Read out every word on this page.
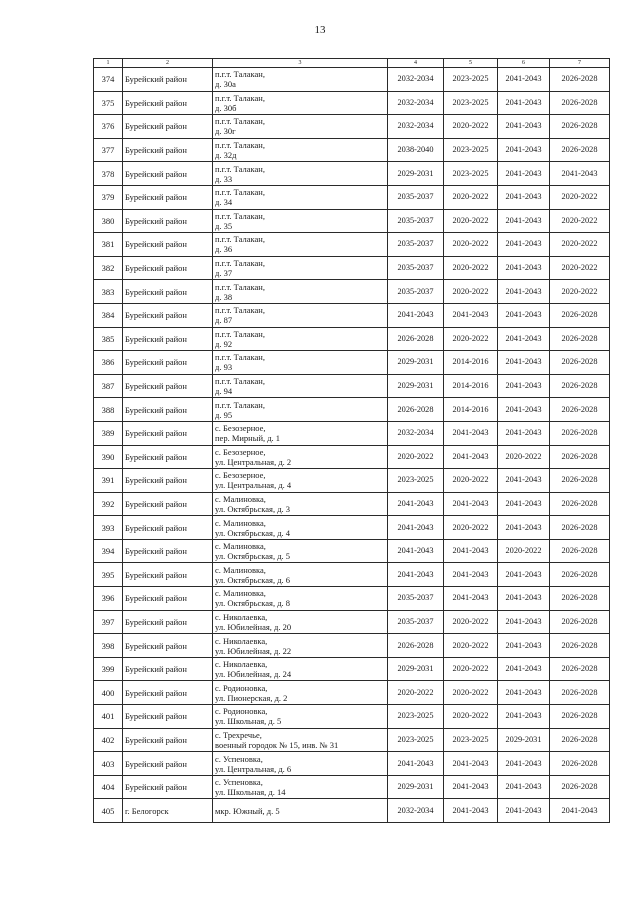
13
1	2	3	4	5	6	7
374	Бурейский район	п.г.т. Талакан,
д. 30а	2032-2034	2023-2025	2041-2043	2026-2028
375	Бурейский район	п.г.т. Талакан,
д. 30б	2032-2034	2023-2025	2041-2043	2026-2028
376	Бурейский район	п.г.т. Талакан,
д. 30г	2032-2034	2020-2022	2041-2043	2026-2028
377	Бурейский район	п.г.т. Талакан,
д. 32д	2038-2040	2023-2025	2041-2043	2026-2028
378	Бурейский район	п.г.т. Талакан,
д. 33	2029-2031	2023-2025	2041-2043	2041-2043
379	Бурейский район	п.г.т. Талакан,
д. 34	2035-2037	2020-2022	2041-2043	2020-2022
380	Бурейский район	п.г.т. Талакан,
д. 35	2035-2037	2020-2022	2041-2043	2020-2022
381	Бурейский район	п.г.т. Талакан,
д. 36	2035-2037	2020-2022	2041-2043	2020-2022
382	Бурейский район	п.г.т. Талакан,
д. 37	2035-2037	2020-2022	2041-2043	2020-2022
383	Бурейский район	п.г.т. Талакан,
д. 38	2035-2037	2020-2022	2041-2043	2020-2022
384	Бурейский район	п.г.т. Талакан,
д. 87	2041-2043	2041-2043	2041-2043	2026-2028
385	Бурейский район	п.г.т. Талакан,
д. 92	2026-2028	2020-2022	2041-2043	2026-2028
386	Бурейский район	п.г.т. Талакан,
д. 93	2029-2031	2014-2016	2041-2043	2026-2028
387	Бурейский район	п.г.т. Талакан,
д. 94	2029-2031	2014-2016	2041-2043	2026-2028
388	Бурейский район	п.г.т. Талакан,
д. 95	2026-2028	2014-2016	2041-2043	2026-2028
389	Бурейский район	с. Безозерное,
пер. Мирный, д. 1	2032-2034	2041-2043	2041-2043	2026-2028
390	Бурейский район	с. Безозерное,
ул. Центральная, д. 2	2020-2022	2041-2043	2020-2022	2026-2028
391	Бурейский район	с. Безозерное,
ул. Центральная, д. 4	2023-2025	2020-2022	2041-2043	2026-2028
392	Бурейский район	с. Малиновка,
ул. Октябрьская, д. 3	2041-2043	2041-2043	2041-2043	2026-2028
393	Бурейский район	с. Малиновка,
ул. Октябрьская, д. 4	2041-2043	2020-2022	2041-2043	2026-2028
394	Бурейский район	с. Малиновка,
ул. Октябрьская, д. 5	2041-2043	2041-2043	2020-2022	2026-2028
395	Бурейский район	с. Малиновка,
ул. Октябрьская, д. 6	2041-2043	2041-2043	2041-2043	2026-2028
396	Бурейский район	с. Малиновка,
ул. Октябрьская, д. 8	2035-2037	2041-2043	2041-2043	2026-2028
397	Бурейский район	с. Николаевка,
ул. Юбилейная, д. 20	2035-2037	2020-2022	2041-2043	2026-2028
398	Бурейский район	с. Николаевка,
ул. Юбилейная, д. 22	2026-2028	2020-2022	2041-2043	2026-2028
399	Бурейский район	с. Николаевка,
ул. Юбилейная, д. 24	2029-2031	2020-2022	2041-2043	2026-2028
400	Бурейский район	с. Родионовка,
ул. Пионерская, д. 2	2020-2022	2020-2022	2041-2043	2026-2028
401	Бурейский район	с. Родионовка,
ул. Школьная, д. 5	2023-2025	2020-2022	2041-2043	2026-2028
402	Бурейский район	с. Трехречье,
военный городок № 15, инв. № 31	2023-2025	2023-2025	2029-2031	2026-2028
403	Бурейский район	с. Успеновка,
ул. Центральная, д. 6	2041-2043	2041-2043	2041-2043	2026-2028
404	Бурейский район	с. Успеновка,
ул. Школьная, д. 14	2029-2031	2041-2043	2041-2043	2026-2028
405	г. Белогорск	мкр. Южный, д. 5	2032-2034	2041-2043	2041-2043	2041-2043
